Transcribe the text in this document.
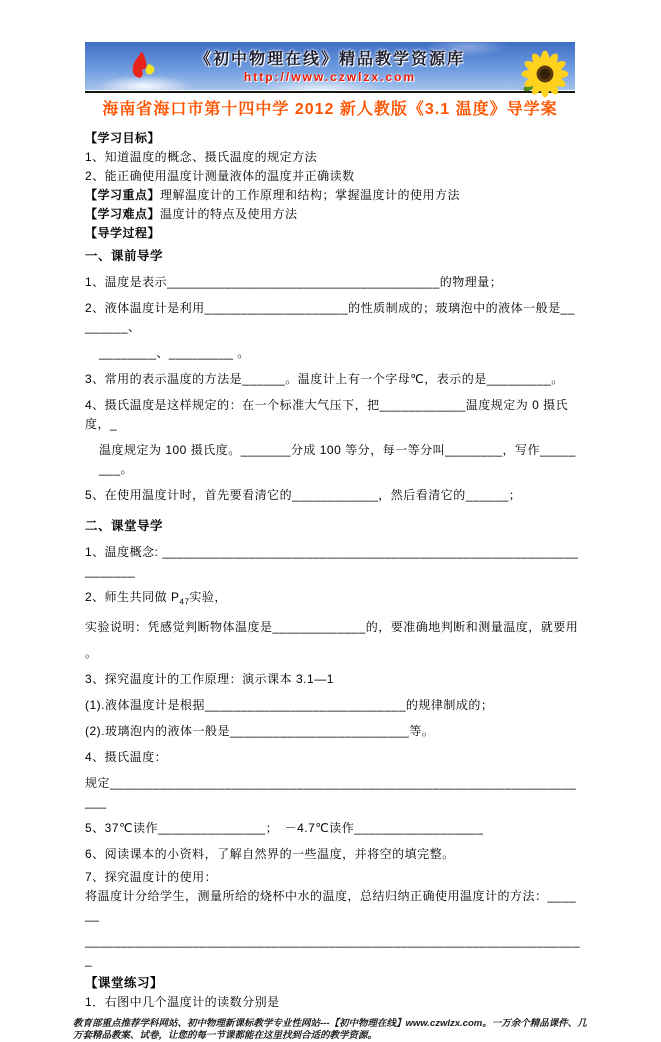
《初中物理在线》精品教学资源库
http://www.czwlzx.com
海南省海口市第十四中学 2012 新人教版《3.1 温度》导学案

【学习目标】

1、知道温度的概念、摄氏温度的规定方法

2、能正确使用温度计测量液体的温度并正确读数

【学习重点】理解温度计的工作原理和结构；掌握温度计的使用方法

【学习难点】温度计的特点及使用方法

【导学过程】

一、课前导学

1、温度是表示______________________________________的物理量；

2、液体温度计是利用____________________的性质制成的；玻璃泡中的液体一般是________、

________、_________ 。

3、常用的表示温度的方法是______。温度计上有一个字母℃，表示的是_________。

4、摄氏温度是这样规定的：在一个标准大气压下，把____________温度规定为 0 摄氏度，_

温度规定为 100 摄氏度。_______分成 100 等分，每一等分叫________，写作________。

5、在使用温度计时，首先要看清它的____________，然后看清它的______；

二、课堂导学

1、温度概念: _________________________________________________________________

2、师生共同做 $P_{47}$实验，

实验说明：凭感觉判断物体温度是_____________的，要准确地判断和测量温度，就要用

。

3、探究温度计的工作原理：演示课本 3.1—1

(1).液体温度计是根据____________________________的规律制成的；

(2).玻璃泡内的液体一般是_________________________等。

4、摄氏温度：

规定____________________________________________________________________

5、37℃读作_______________；　－4.7℃读作__________________

6、阅读课本的小资料，了解自然界的一些温度，并将空的填完整。

7、探究温度计的使用：

将温度计分给学生，测量所给的烧杯中水的温度，总结归纳正确使用温度计的方法：______

______________________________________________________________________

【课堂练习】

1．右图中几个温度计的读数分别是

教育部重点推荐学科网站、初中物理新课标教学专业性网站---【初中物理在线】www.czwlzx.com。一万余个精品课件、几万套精品教案、试卷，让您的每一节课都能在这里找到合适的教学资源。
